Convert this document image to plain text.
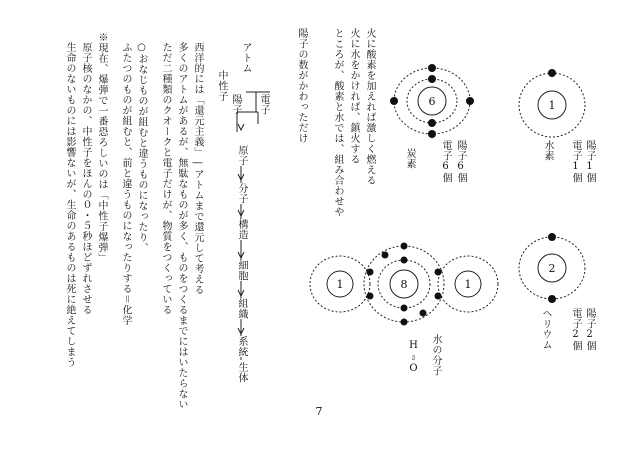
火に酸素を加えれば激しく燃える
火に水をかければ、鎮火する
ところが、酸素と水では、組み合わせや
陽子の数がかわっただけ
陽子1個
電子1個
水素
陽子6個
電子6個
炭素
陽子2個
電子2個
ヘリウム
水の分子
H₂O
6	1
2
8
1	1
アトム
電子
陽子
中性子
原子
分子
構造
細胞
組織
系統
生体
西洋的には「還元主義」―アトムまで還元して考える
多くのアトムがあるが、無駄なものが多く、ものをつくるまでにはいたらない
ただ二種類のクオークと電子だけが、物質をつくっている
○おなじものが組むと違うものになったり、
ふたつのものが組むと、前と違うものになったりする＝化学
※現在、爆弾で一番恐ろしいのは「中性子爆弾」
原子核のなかの、中性子をほんの０・５秒ほどずれさせる
生命のないものには影響ないが、生命のあるものは死に絶えてしまう
7
